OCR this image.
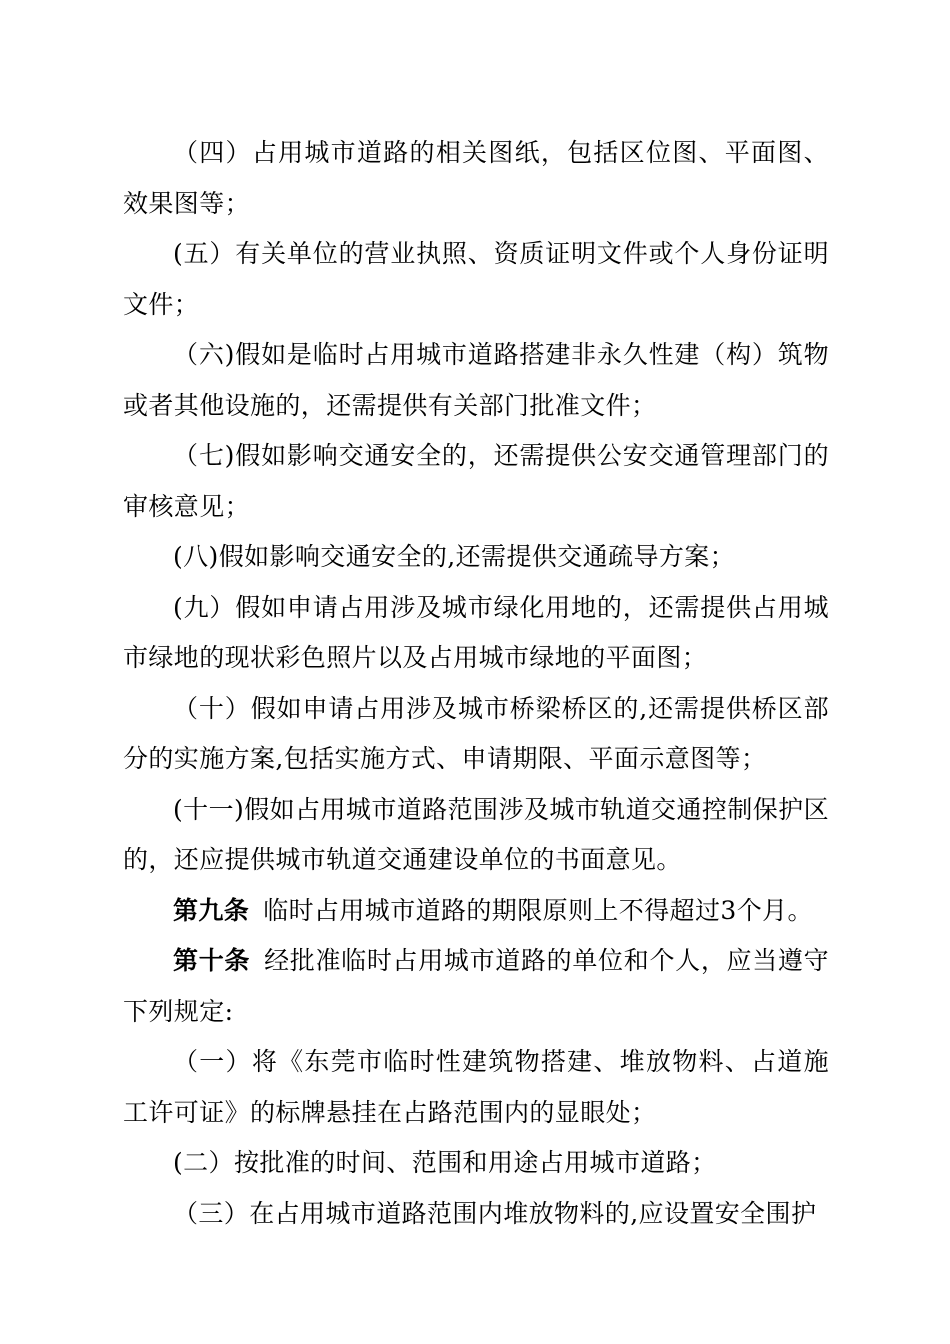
（四）占用城市道路的相关图纸，包括区位图、平面图、效果图等；

(五）有关单位的营业执照、资质证明文件或个人身份证明文件；

（六)假如是临时占用城市道路搭建非永久性建（构）筑物或者其他设施的，还需提供有关部门批准文件；

（七)假如影响交通安全的，还需提供公安交通管理部门的审核意见；

(八)假如影响交通安全的,还需提供交通疏导方案；

(九）假如申请占用涉及城市绿化用地的，还需提供占用城市绿地的现状彩色照片以及占用城市绿地的平面图；

（十）假如申请占用涉及城市桥梁桥区的,还需提供桥区部分的实施方案,包括实施方式、申请期限、平面示意图等；

(十一)假如占用城市道路范围涉及城市轨道交通控制保护区的，还应提供城市轨道交通建设单位的书面意见。

第九条 临时占用城市道路的期限原则上不得超过3个月。

第十条 经批准临时占用城市道路的单位和个人，应当遵守下列规定:

（一）将《东莞市临时性建筑物搭建、堆放物料、占道施工许可证》的标牌悬挂在占路范围内的显眼处；

(二）按批准的时间、范围和用途占用城市道路；

（三）在占用城市道路范围内堆放物料的,应设置安全围护
